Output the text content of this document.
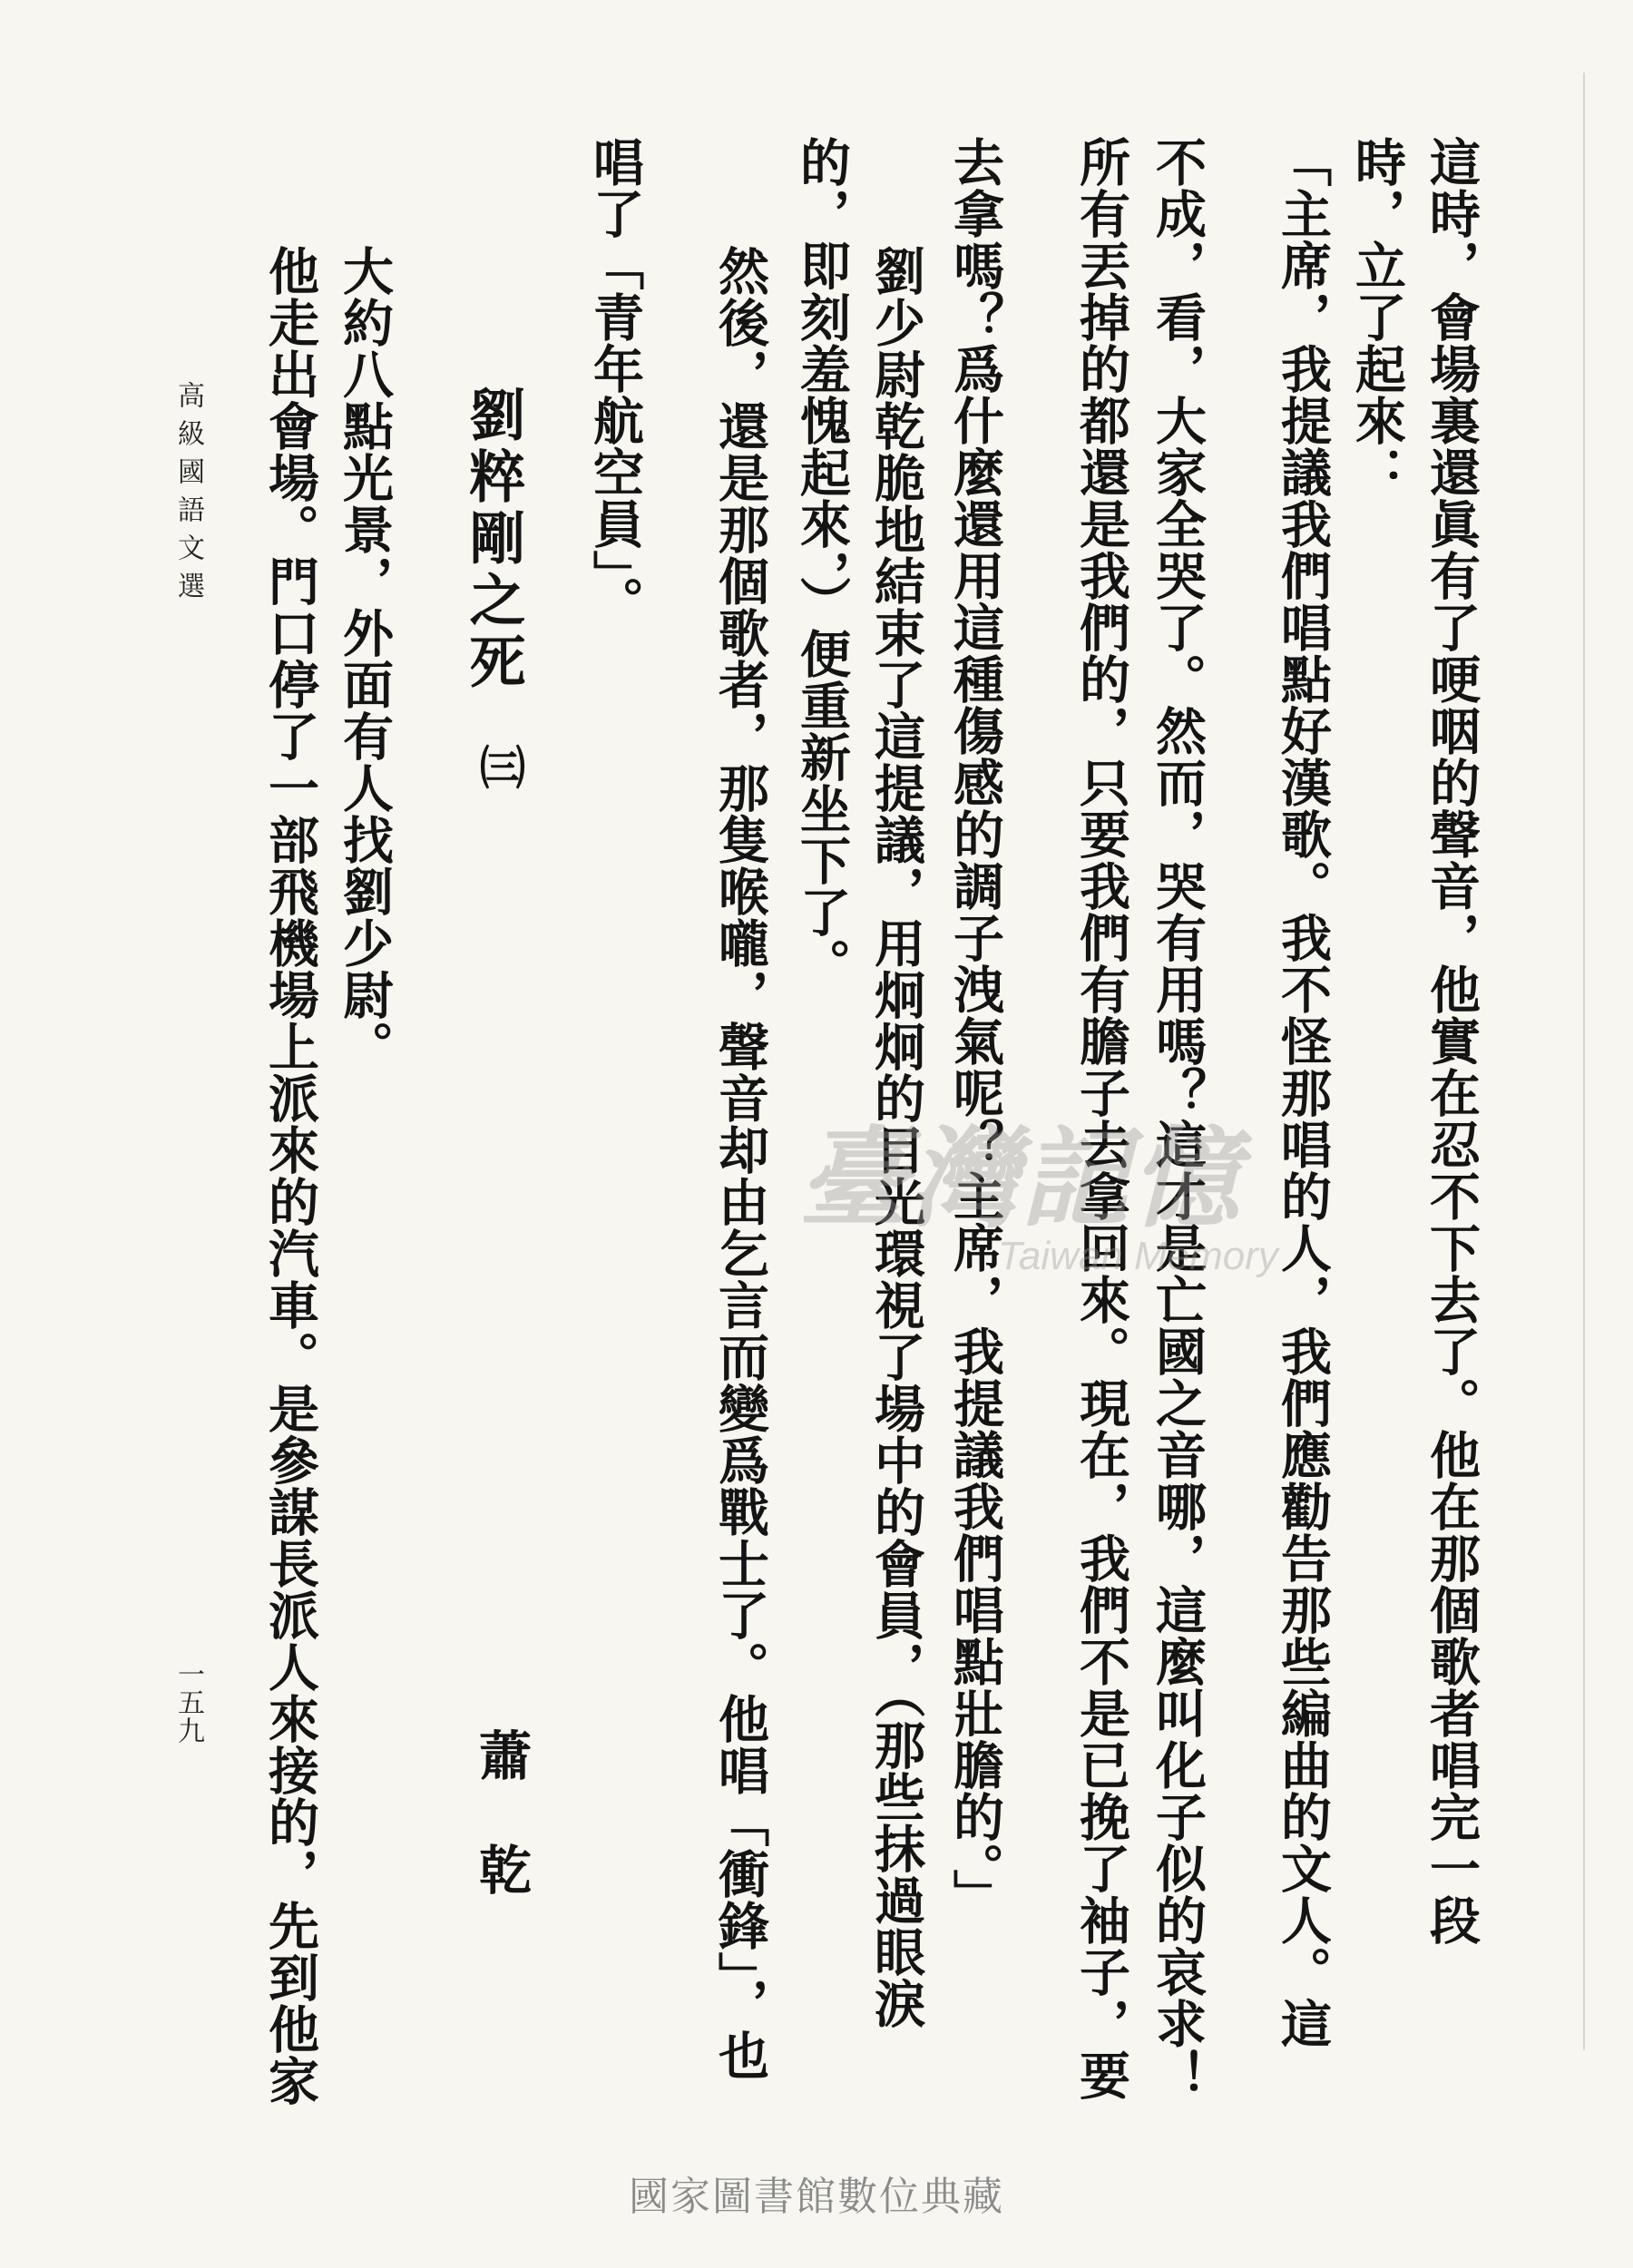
這時，會場裏還眞有了哽咽的聲音，他實在忍不下去了。他在那個歌者唱完一段
時，立了起來：
「主席，我提議我們唱點好漢歌。我不怪那唱的人，我們應勸告那些編曲的文人。這
不成，看，大家全哭了。然而，哭有用嗎？這才是亡國之音哪，這麼叫化子似的哀求！
所有丟掉的都還是我們的，只要我們有膽子去拿回來。現在，我們不是已挽了袖子，要
去拿嗎？爲什麼還用這種傷感的調子洩氣呢？主席，我提議我們唱點壯膽的。」
劉少尉乾脆地結束了這提議，用炯炯的目光環視了場中的會員，（那些抹過眼淚
的，即刻羞愧起來，）便重新坐下了。
然後，還是那個歌者，那隻喉嚨，聲音却由乞言而變爲戰士了。他唱「衝鋒」，也
唱了「青年航空員」。
劉粹剛之死
㈢
蕭乾
大約八點光景，外面有人找劉少尉。
他走出會場。門口停了一部飛機場上派來的汽車。是參謀長派人來接的，先到他家
高級國語文選
一五九
臺灣記憶
Taiwan Memory
國家圖書館數位典藏
